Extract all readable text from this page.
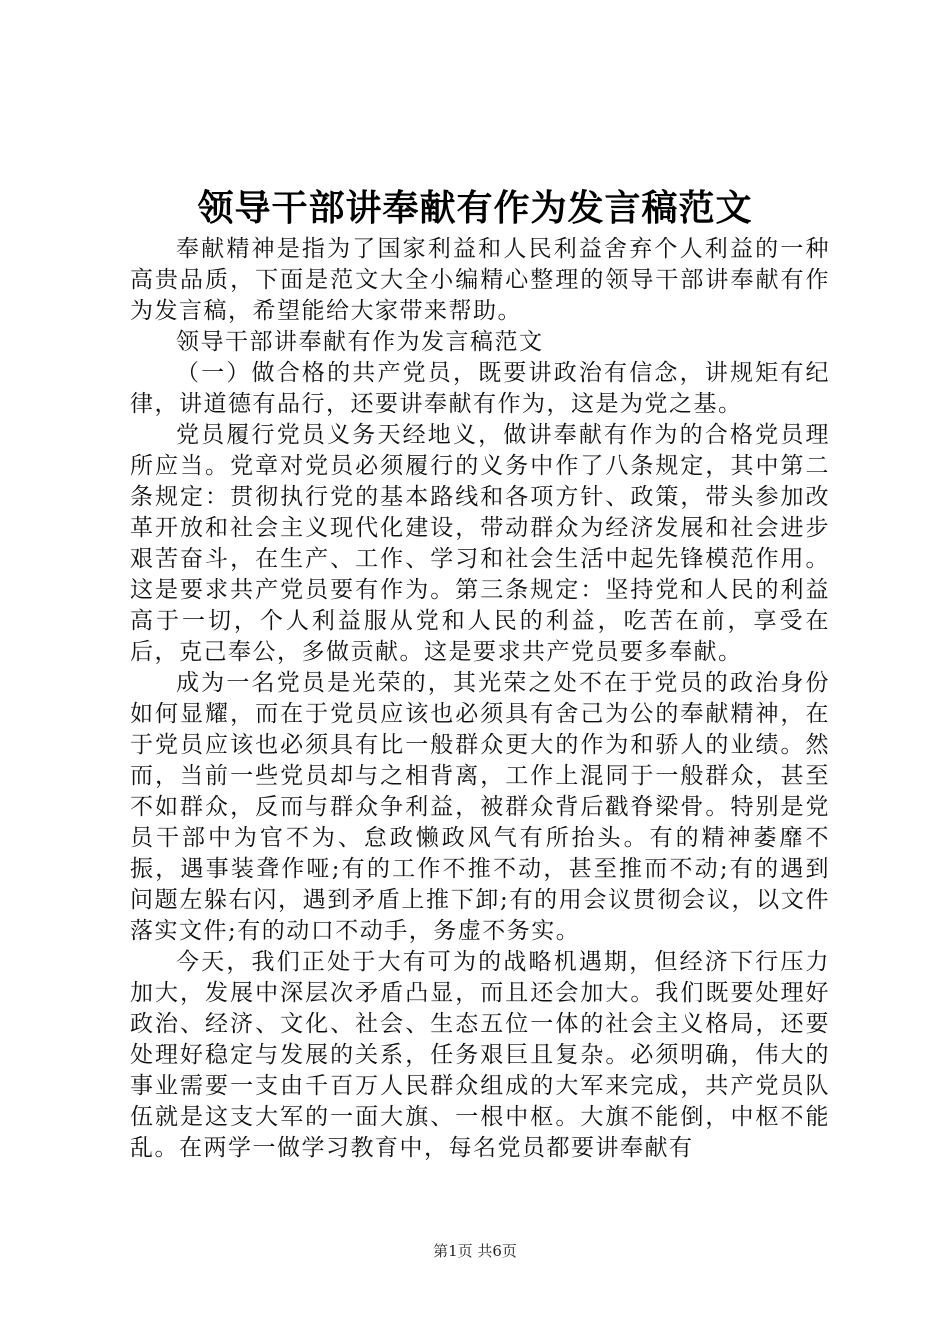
领导干部讲奉献有作为发言稿范文

奉献精神是指为了国家利益和人民利益舍弃个人利益的一种高贵品质，下面是范文大全小编精心整理的领导干部讲奉献有作为发言稿，希望能给大家带来帮助。

领导干部讲奉献有作为发言稿范文

（一）做合格的共产党员，既要讲政治有信念，讲规矩有纪律，讲道德有品行，还要讲奉献有作为，这是为党之基。

党员履行党员义务天经地义，做讲奉献有作为的合格党员理所应当。党章对党员必须履行的义务中作了八条规定，其中第二条规定：贯彻执行党的基本路线和各项方针、政策，带头参加改革开放和社会主义现代化建设，带动群众为经济发展和社会进步艰苦奋斗，在生产、工作、学习和社会生活中起先锋模范作用。这是要求共产党员要有作为。第三条规定：坚持党和人民的利益高于一切，个人利益服从党和人民的利益，吃苦在前，享受在后，克己奉公，多做贡献。这是要求共产党员要多奉献。

成为一名党员是光荣的，其光荣之处不在于党员的政治身份如何显耀，而在于党员应该也必须具有舍己为公的奉献精神，在于党员应该也必须具有比一般群众更大的作为和骄人的业绩。然而，当前一些党员却与之相背离，工作上混同于一般群众，甚至不如群众，反而与群众争利益，被群众背后戳脊梁骨。特别是党员干部中为官不为、怠政懒政风气有所抬头。有的精神萎靡不振，遇事装聋作哑;有的工作不推不动，甚至推而不动;有的遇到问题左躲右闪，遇到矛盾上推下卸;有的用会议贯彻会议，以文件落实文件;有的动口不动手，务虚不务实。

今天，我们正处于大有可为的战略机遇期，但经济下行压力加大，发展中深层次矛盾凸显，而且还会加大。我们既要处理好政治、经济、文化、社会、生态五位一体的社会主义格局，还要处理好稳定与发展的关系，任务艰巨且复杂。必须明确，伟大的事业需要一支由千百万人民群众组成的大军来完成，共产党员队伍就是这支大军的一面大旗、一根中枢。大旗不能倒，中枢不能乱。在两学一做学习教育中，每名党员都要讲奉献有

第1页 共6页
